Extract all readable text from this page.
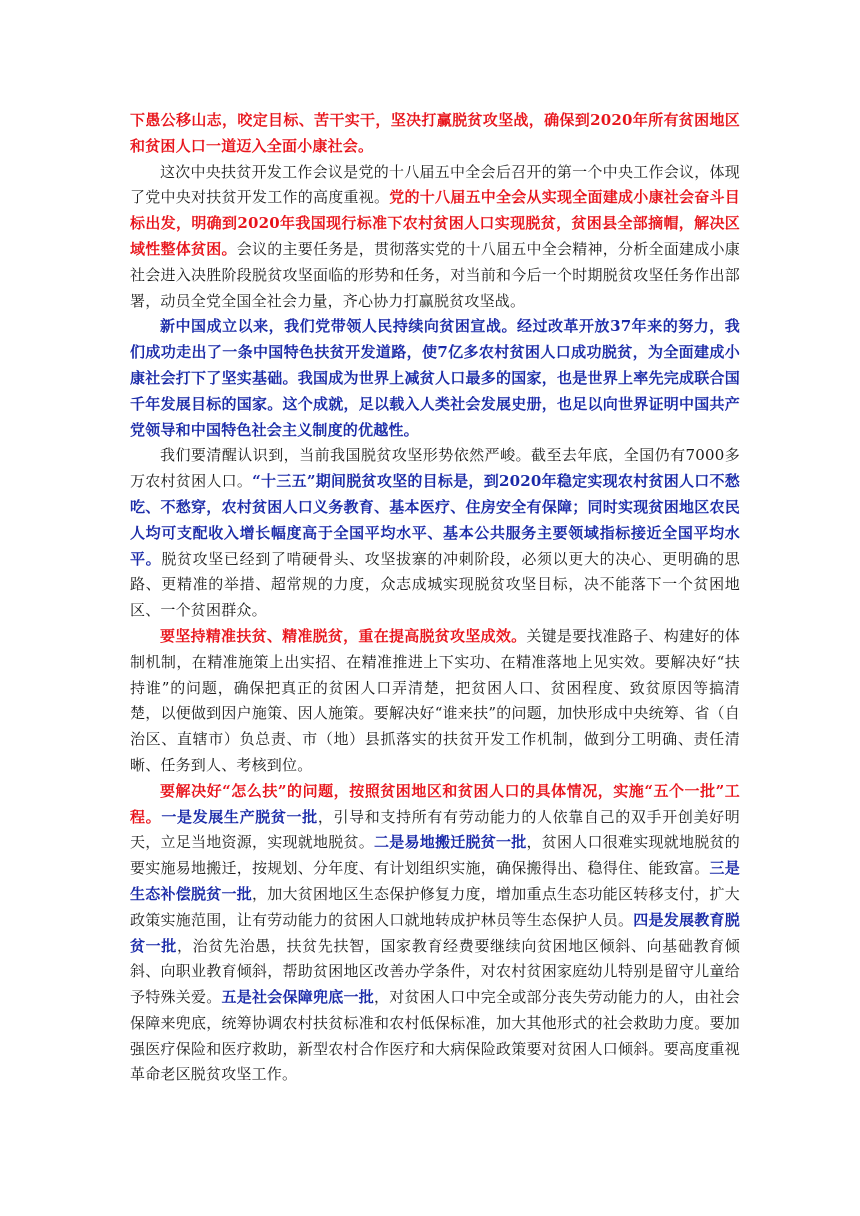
下愚公移山志，咬定目标、苦干实干，坚决打赢脱贫攻坚战，确保到2020年所有贫困地区和贫困人口一道迈入全面小康社会。

这次中央扶贫开发工作会议是党的十八届五中全会后召开的第一个中央工作会议，体现了党中央对扶贫开发工作的高度重视。党的十八届五中全会从实现全面建成小康社会奋斗目标出发，明确到2020年我国现行标准下农村贫困人口实现脱贫，贫困县全部摘帽，解决区域性整体贫困。会议的主要任务是，贯彻落实党的十八届五中全会精神，分析全面建成小康社会进入决胜阶段脱贫攻坚面临的形势和任务，对当前和今后一个时期脱贫攻坚任务作出部署，动员全党全国全社会力量，齐心协力打赢脱贫攻坚战。

新中国成立以来，我们党带领人民持续向贫困宣战。经过改革开放37年来的努力，我们成功走出了一条中国特色扶贫开发道路，使7亿多农村贫困人口成功脱贫，为全面建成小康社会打下了坚实基础。我国成为世界上减贫人口最多的国家，也是世界上率先完成联合国千年发展目标的国家。这个成就，足以载入人类社会发展史册，也足以向世界证明中国共产党领导和中国特色社会主义制度的优越性。

我们要清醒认识到，当前我国脱贫攻坚形势依然严峻。截至去年底，全国仍有7000多万农村贫困人口。“十三五”期间脱贫攻坚的目标是，到2020年稳定实现农村贫困人口不愁吃、不愁穿，农村贫困人口义务教育、基本医疗、住房安全有保障；同时实现贫困地区农民人均可支配收入增长幅度高于全国平均水平、基本公共服务主要领域指标接近全国平均水平。脱贫攻坚已经到了啃硬骨头、攻坚拔寨的冲刺阶段，必须以更大的决心、更明确的思路、更精准的举措、超常规的力度，众志成城实现脱贫攻坚目标，决不能落下一个贫困地区、一个贫困群众。

要坚持精准扶贫、精准脱贫，重在提高脱贫攻坚成效。关键是要找准路子、构建好的体制机制，在精准施策上出实招、在精准推进上下实功、在精准落地上见实效。要解决好“扶持谁”的问题，确保把真正的贫困人口弄清楚，把贫困人口、贫困程度、致贫原因等搞清楚，以便做到因户施策、因人施策。要解决好“谁来扶”的问题，加快形成中央统筹、省（自治区、直辖市）负总责、市（地）县抓落实的扶贫开发工作机制，做到分工明确、责任清晰、任务到人、考核到位。

要解决好“怎么扶”的问题，按照贫困地区和贫困人口的具体情况，实施“五个一批”工程。一是发展生产脱贫一批，引导和支持所有有劳动能力的人依靠自己的双手开创美好明天，立足当地资源，实现就地脱贫。二是易地搬迁脱贫一批，贫困人口很难实现就地脱贫的要实施易地搬迁，按规划、分年度、有计划组织实施，确保搬得出、稳得住、能致富。三是生态补偿脱贫一批，加大贫困地区生态保护修复力度，增加重点生态功能区转移支付，扩大政策实施范围，让有劳动能力的贫困人口就地转成护林员等生态保护人员。四是发展教育脱贫一批，治贫先治愚，扶贫先扶智，国家教育经费要继续向贫困地区倾斜、向基础教育倾斜、向职业教育倾斜，帮助贫困地区改善办学条件，对农村贫困家庭幼儿特别是留守儿童给予特殊关爱。五是社会保障兜底一批，对贫困人口中完全或部分丧失劳动能力的人，由社会保障来兜底，统筹协调农村扶贫标准和农村低保标准，加大其他形式的社会救助力度。要加强医疗保险和医疗救助，新型农村合作医疗和大病保险政策要对贫困人口倾斜。要高度重视革命老区脱贫攻坚工作。
